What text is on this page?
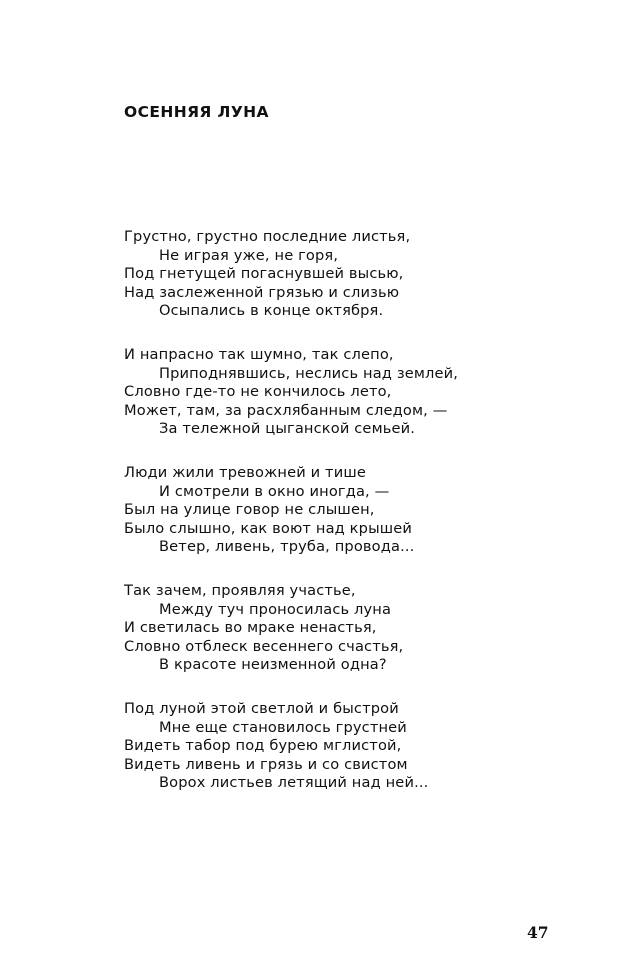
ОСЕННЯЯ ЛУНА
Грустно, грустно последние листья,
Не играя уже, не горя,
Под гнетущей погаснувшей высью,
Над заслеженной грязью и слизью
Осыпались в конце октября.
И напрасно так шумно, так слепо,
Приподнявшись, неслись над землей,
Словно где-то не кончилось лето,
Может, там, за расхлябанным следом, —
За тележной цыганской семьей.
Люди жили тревожней и тише
И смотрели в окно иногда, —
Был на улице говор не слышен,
Было слышно, как воют над крышей
Ветер, ливень, труба, провода...
Так зачем, проявляя участье,
Между туч проносилась луна
И светилась во мраке ненастья,
Словно отблеск весеннего счастья,
В красоте неизменной одна?
Под луной этой светлой и быстрой
Мне еще становилось грустней
Видеть табор под бурею мглистой,
Видеть ливень и грязь и со свистом
Ворох листьев летящий над ней...
47
